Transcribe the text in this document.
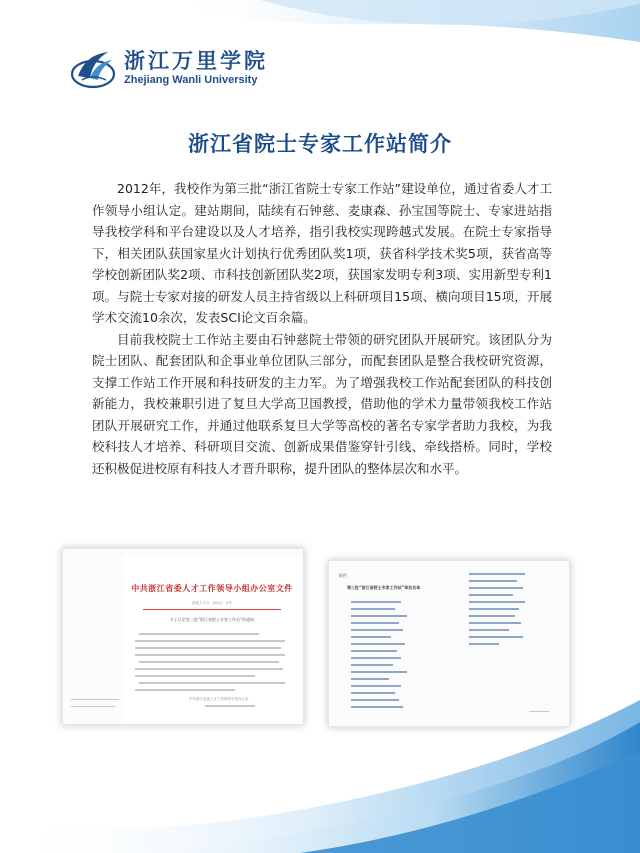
浙江万里学院
Zhejiang Wanli University
浙江省院士专家工作站简介

2012年，我校作为第三批“浙江省院士专家工作站”建设单位，通过省委人才工作领导小组认定。建站期间，陆续有石钟慈、麦康森、孙宝国等院士、专家进站指导我校学科和平台建设以及人才培养，指引我校实现跨越式发展。在院士专家指导下，相关团队获国家星火计划执行优秀团队奖1项，获省科学技术奖5项，获省高等学校创新团队奖2项、市科技创新团队奖2项，获国家发明专利3项、实用新型专利1项。与院士专家对接的研发人员主持省级以上科研项目15项、横向项目15项，开展学术交流10余次，发表SCI论文百余篇。

目前我校院士工作站主要由石钟慈院士带领的研究团队开展研究。该团队分为院士团队、配套团队和企事业单位团队三部分，而配套团队是整合我校研究资源，支撑工作站工作开展和科技研发的主力军。为了增强我校工作站配套团队的科技创新能力，我校兼职引进了复旦大学高卫国教授，借助他的学术力量带领我校工作站团队开展研究工作，并通过他联系复旦大学等高校的著名专家学者助力我校，为我校科技人才培养、科研项目交流、创新成果借鉴穿针引线、牵线搭桥。同时，学校还积极促进校原有科技人才晋升职称，提升团队的整体层次和水平。

中共浙江省委人才工作领导小组办公室文件
浙委人才办〔2012〕×号
关于认定第三批“浙江省院士专家工作站”的通知
中共浙江省委人才工作领导小组办公室
附件
第三批“浙江省院士专家工作站”单位名单
